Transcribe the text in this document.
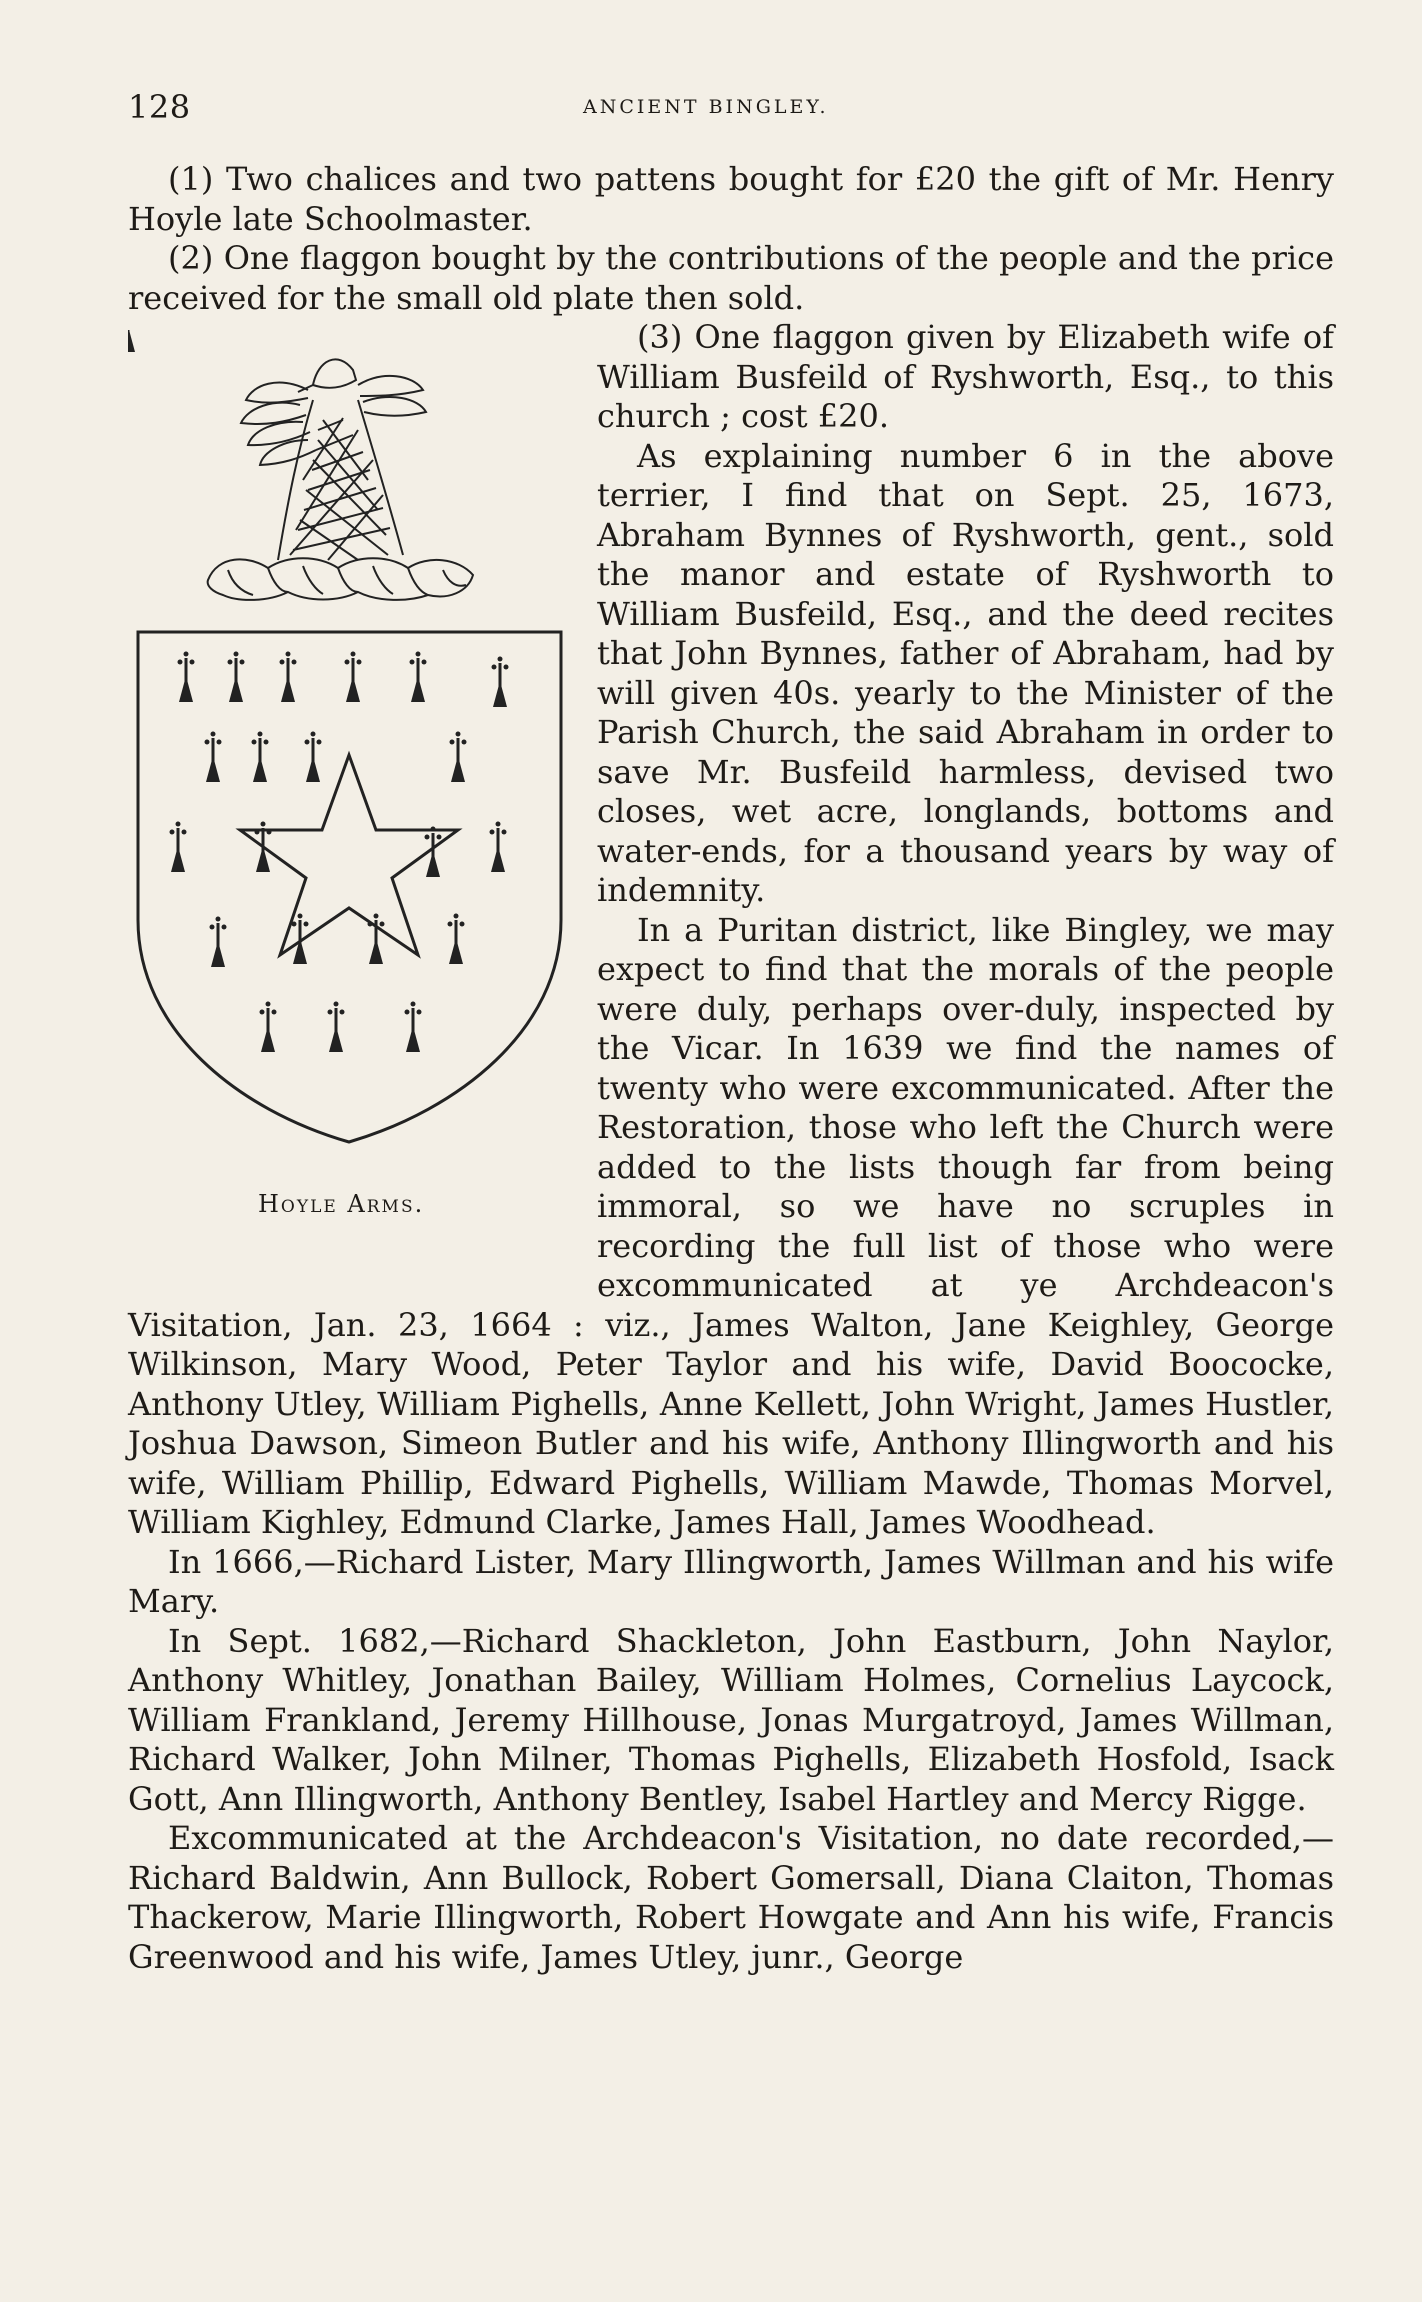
128	ANCIENT BINGLEY.

(1) Two chalices and two pattens bought for £20 the gift of Mr. Henry Hoyle late Schoolmaster.

(2) One flaggon bought by the contributions of the people and the price received for the small old plate then sold.

Hoyle Arms.

(3) One flaggon given by Elizabeth wife of William Busfeild of Ryshworth, Esq., to this church ; cost £20.

As explaining number 6 in the above terrier, I find that on Sept. 25, 1673, Abraham Bynnes of Ryshworth, gent., sold the manor and estate of Ryshworth to William Busfeild, Esq., and the deed recites that John Bynnes, father of Abraham, had by will given 40s. yearly to the Minister of the Parish Church, the said Abraham in order to save Mr. Busfeild harmless, devised two closes, wet acre, longlands, bottoms and water-ends, for a thousand years by way of indemnity.

In a Puritan district, like Bingley, we may expect to find that the morals of the people were duly, perhaps over-duly, inspected by the Vicar. In 1639 we find the names of twenty who were excommunicated. After the Restoration, those who left the Church were added to the lists though far from being immoral, so we have no scruples in recording the full list of those who were excommunicated at ye Archdeacon's Visitation, Jan. 23, 1664 : viz., James Walton, Jane Keighley, George Wilkinson, Mary Wood, Peter Taylor and his wife, David Boococke, Anthony Utley, William Pighells, Anne Kellett, John Wright, James Hustler, Joshua Dawson, Simeon Butler and his wife, Anthony Illingworth and his wife, William Phillip, Edward Pighells, William Mawde, Thomas Morvel, William Kighley, Edmund Clarke, James Hall, James Woodhead.

In 1666,—Richard Lister, Mary Illingworth, James Willman and his wife Mary.

In Sept. 1682,—Richard Shackleton, John Eastburn, John Naylor, Anthony Whitley, Jonathan Bailey, William Holmes, Cornelius Laycock, William Frankland, Jeremy Hillhouse, Jonas Murgatroyd, James Willman, Richard Walker, John Milner, Thomas Pighells, Elizabeth Hosfold, Isack Gott, Ann Illingworth, Anthony Bentley, Isabel Hartley and Mercy Rigge.

Excommunicated at the Archdeacon's Visitation, no date recorded,—Richard Baldwin, Ann Bullock, Robert Gomersall, Diana Claiton, Thomas Thackerow, Marie Illingworth, Robert Howgate and Ann his wife, Francis Greenwood and his wife, James Utley, junr., George
